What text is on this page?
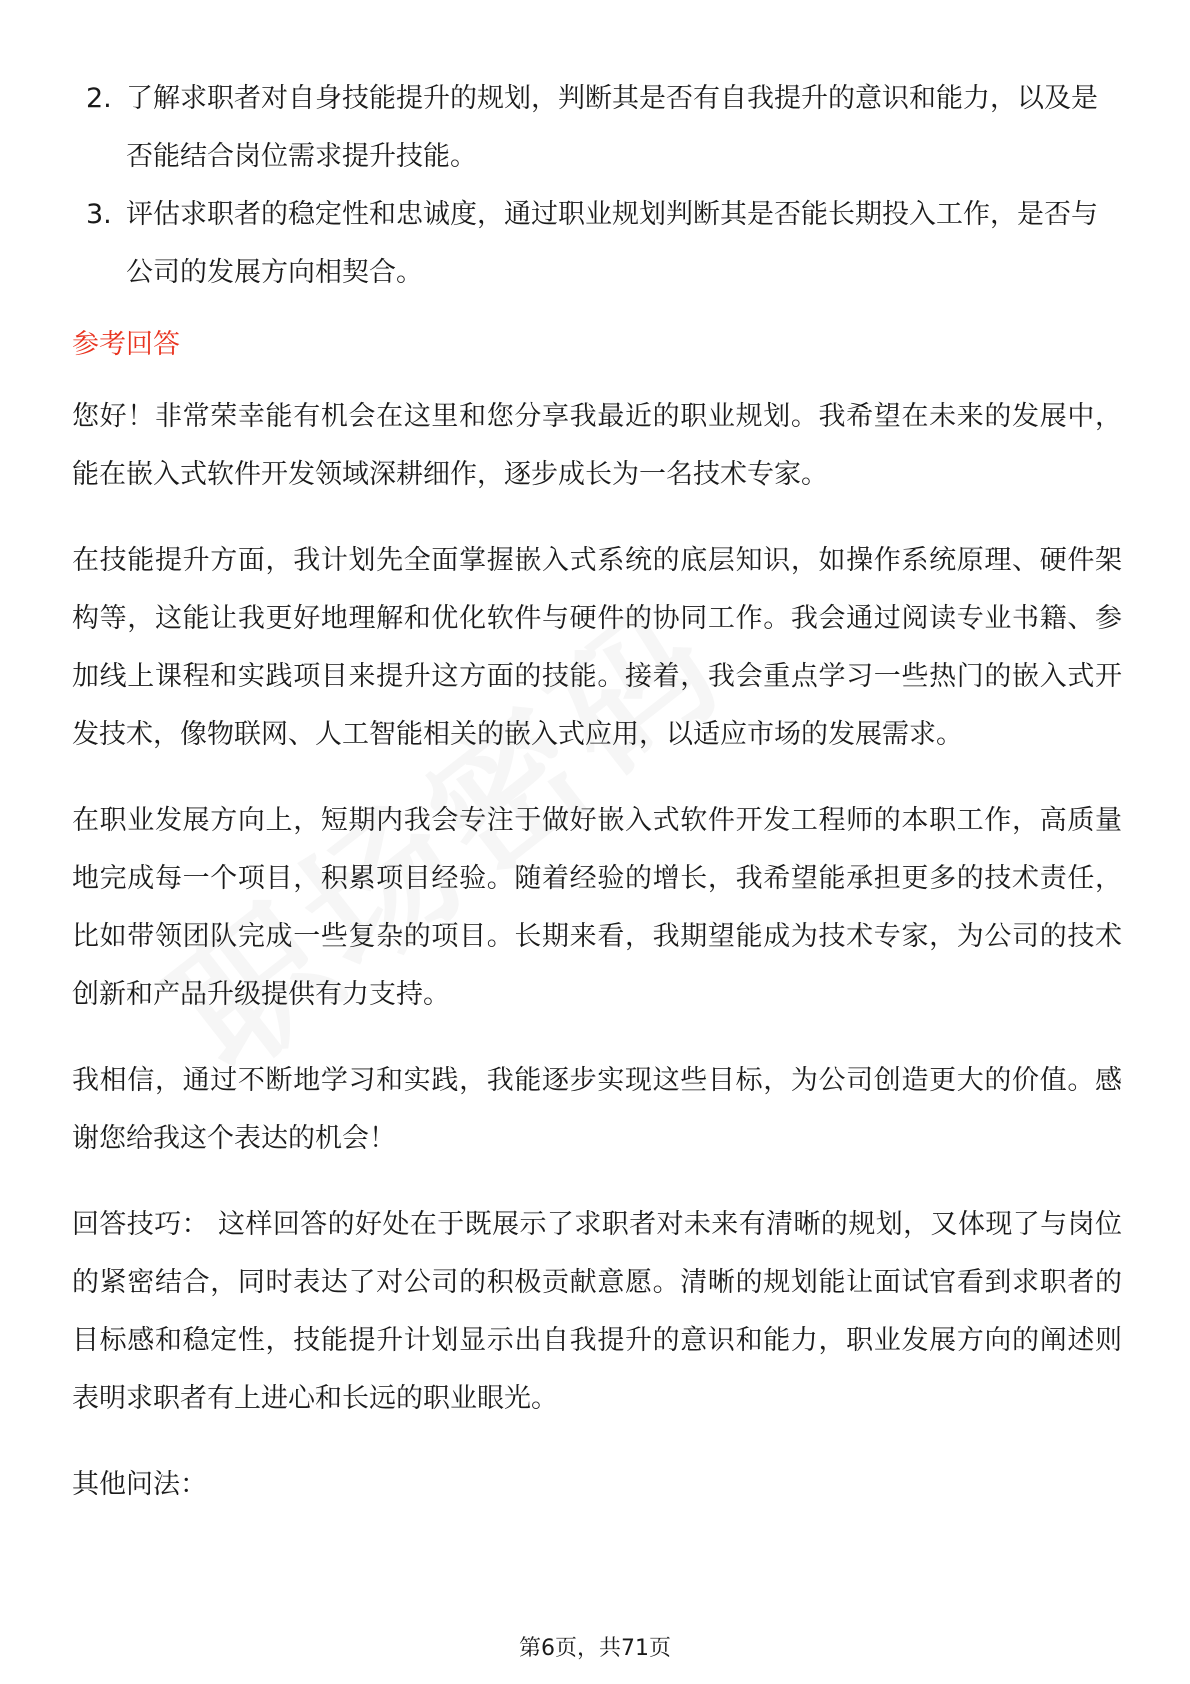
2. 了解求职者对自身技能提升的规划，判断其是否有自我提升的意识和能力，以及是否能结合岗位需求提升技能。
3. 评估求职者的稳定性和忠诚度，通过职业规划判断其是否能长期投入工作，是否与公司的发展方向相契合。
参考回答

您好！非常荣幸能有机会在这里和您分享我最近的职业规划。我希望在未来的发展中，能在嵌入式软件开发领域深耕细作，逐步成长为一名技术专家。

在技能提升方面，我计划先全面掌握嵌入式系统的底层知识，如操作系统原理、硬件架构等，这能让我更好地理解和优化软件与硬件的协同工作。我会通过阅读专业书籍、参加线上课程和实践项目来提升这方面的技能。接着，我会重点学习一些热门的嵌入式开发技术，像物联网、人工智能相关的嵌入式应用，以适应市场的发展需求。

在职业发展方向上，短期内我会专注于做好嵌入式软件开发工程师的本职工作，高质量地完成每一个项目，积累项目经验。随着经验的增长，我希望能承担更多的技术责任，比如带领团队完成一些复杂的项目。长期来看，我期望能成为技术专家，为公司的技术创新和产品升级提供有力支持。

我相信，通过不断地学习和实践，我能逐步实现这些目标，为公司创造更大的价值。感谢您给我这个表达的机会！

回答技巧： 这样回答的好处在于既展示了求职者对未来有清晰的规划，又体现了与岗位的紧密结合，同时表达了对公司的积极贡献意愿。清晰的规划能让面试官看到求职者的目标感和稳定性，技能提升计划显示出自我提升的意识和能力，职业发展方向的阐述则表明求职者有上进心和长远的职业眼光。

其他问法：

第6页，共71页
